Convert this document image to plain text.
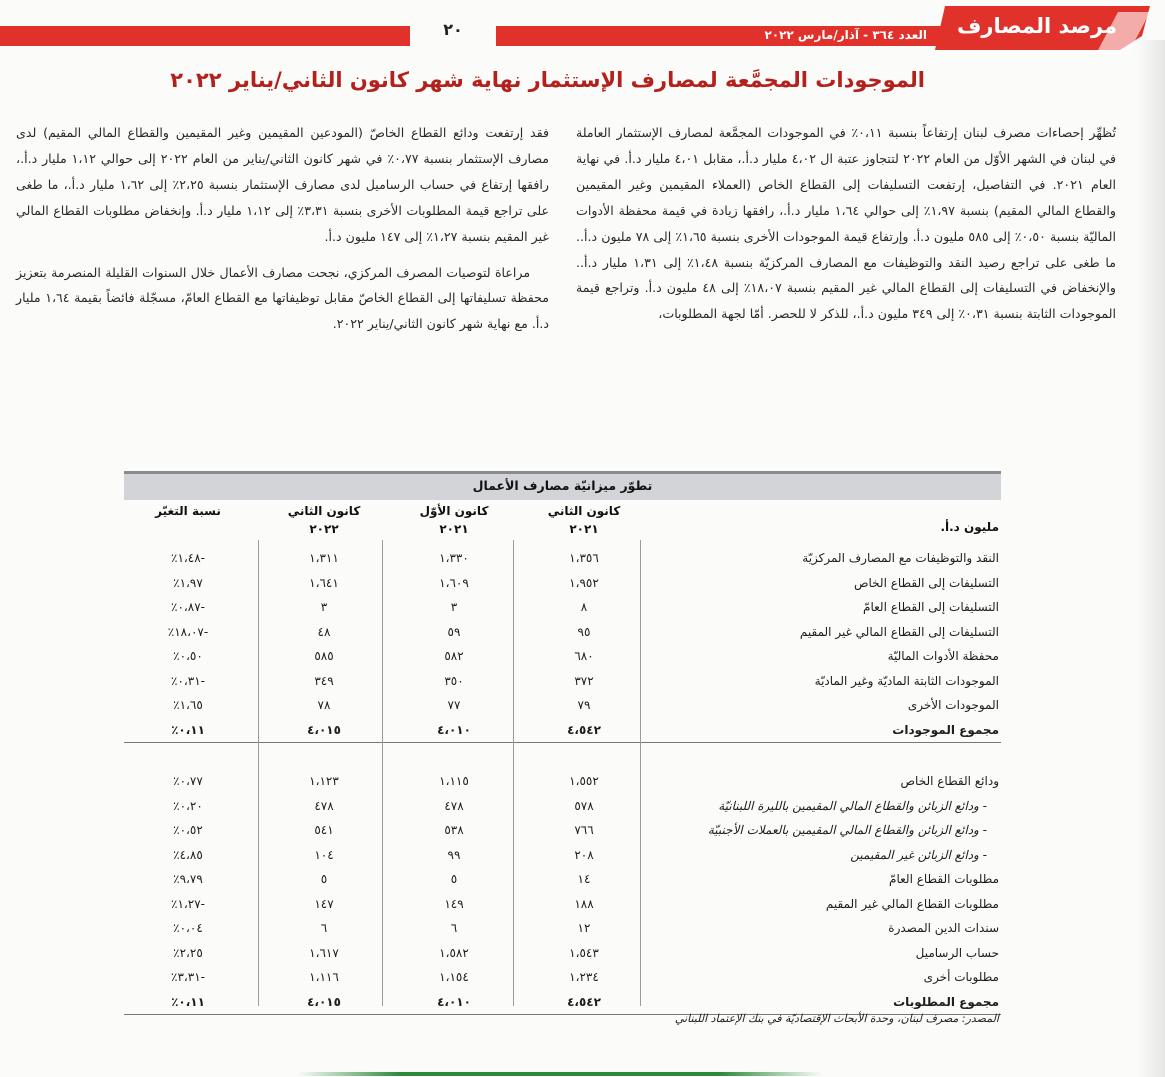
٢٠	العدد ٣٦٤ - آذار/مارس ٢٠٢٢ مرصد المصارف
الموجودات المجمَّعة لمصارف الإستثمار نهاية شهر كانون الثاني/يناير ٢٠٢٢

تُظهِّر إحصاءات مصرف لبنان إرتفاعاً بنسبة ٠،١١٪ في الموجودات المجمَّعة لمصارف الإستثمار العاملة في لبنان في الشهر الأوّل من العام ٢٠٢٢ لتتجاوز عتبة ال ٤،٠٢ مليار د.أ.، مقابل ٤،٠١ مليار د.أ. في نهاية العام ٢٠٢١. في التفاصيل، إرتفعت التسليفات إلى القطاع الخاص (العملاء المقيمين وغير المقيمين والقطاع المالي المقيم) بنسبة ١،٩٧٪ إلى حوالي ١،٦٤ مليار د.أ.، رافقها زيادة في قيمة محفظة الأدوات الماليّة بنسبة ٠،٥٠٪ إلى ٥٨٥ مليون د.أ. وإرتفاع قيمة الموجودات الأخرى بنسبة ١،٦٥٪ إلى ٧٨ مليون د.أ.. ما طغى على تراجع رصيد النقد والتوظيفات مع المصارف المركزيّة بنسبة ١،٤٨٪ إلى ١،٣١ مليار د.أ.. والإنخفاض في التسليفات إلى القطاع المالي غير المقيم بنسبة ١٨،٠٧٪ إلى ٤٨ مليون د.أ. وتراجع قيمة الموجودات الثابتة بنسبة ٠،٣١٪ إلى ٣٤٩ مليون د.أ.، للذكر لا للحصر. أمّا لجهة المطلوبات،

فقد إرتفعت ودائع القطاع الخاصّ (المودعين المقيمين وغير المقيمين والقطاع المالي المقيم) لدى مصارف الإستثمار بنسبة ٠،٧٧٪ في شهر كانون الثاني/يناير من العام ٢٠٢٢ إلى حوالي ١،١٢ مليار د.أ.، رافقها إرتفاع في حساب الرساميل لدى مصارف الإستثمار بنسبة ٢،٢٥٪ إلى ١،٦٢ مليار د.أ.، ما طغى على تراجع قيمة المطلوبات الأخرى بنسبة ٣،٣١٪ إلى ١،١٢ مليار د.أ. وإنخفاض مطلوبات القطاع المالي غير المقيم بنسبة ١،٢٧٪ إلى ١٤٧ مليون د.أ.

مراعاة لتوصيات المصرف المركزي، نجحت مصارف الأعمال خلال السنوات القليلة المنصرمة بتعزيز محفظة تسليفاتها إلى القطاع الخاصّ مقابل توظيفاتها مع القطاع العامّ، مسجّلة فائضاً بقيمة ١،٦٤ مليار د.أ. مع نهاية شهر كانون الثاني/يناير ٢٠٢٢.

تطوّر ميزانيّة مصارف الأعمال
مليون د.أ.
كانون الثاني
٢٠٢١
كانون الأوّل
٢٠٢١
كانون الثاني
٢٠٢٢
نسبة التغيّر
النقد والتوظيفات مع المصارف المركزيّة
١،٣٥٦
١،٣٣٠
١،٣١١
-١،٤٨٪
التسليفات إلى القطاع الخاص
١،٩٥٢
١،٦٠٩
١،٦٤١
١،٩٧٪
التسليفات إلى القطاع العامّ
٨
٣
٣
-٠،٨٧٪
التسليفات إلى القطاع المالي غير المقيم
٩٥
٥٩
٤٨
-١٨،٠٧٪
محفظة الأدوات الماليّة
٦٨٠
٥٨٢
٥٨٥
٠،٥٠٪
الموجودات الثابتة الماديّة وغير الماديّة
٣٧٢
٣٥٠
٣٤٩
-٠،٣١٪
الموجودات الأخرى
٧٩
٧٧
٧٨
١،٦٥٪
مجموع الموجودات
٤،٥٤٢
٤،٠١٠
٤،٠١٥
٠،١١٪
ودائع القطاع الخاص
١،٥٥٢
١،١١٥
١،١٢٣
٠،٧٧٪
- ودائع الزبائن والقطاع المالي المقيمين بالليرة اللبنانيّة
٥٧٨
٤٧٨
٤٧٨
٠،٢٠٪
- ودائع الزبائن والقطاع المالي المقيمين بالعملات الأجنبيّة
٧٦٦
٥٣٨
٥٤١
٠،٥٢٪
- ودائع الزبائن غير المقيمين
٢٠٨
٩٩
١٠٤
٤،٨٥٪
مطلوبات القطاع العامّ
١٤
٥
٥
٩،٧٩٪
مطلوبات القطاع المالي غير المقيم
١٨٨
١٤٩
١٤٧
-١،٢٧٪
سندات الدين المصدرة
١٢
٦
٦
٠،٠٤٪
حساب الرساميل
١،٥٤٣
١،٥٨٢
١،٦١٧
٢،٢٥٪
مطلوبات أخرى
١،٢٣٤
١،١٥٤
١،١١٦
-٣،٣١٪
مجموع المطلوبات
٤،٥٤٢
٤،٠١٠
٤،٠١٥
٠،١١٪
المصدر: مصرف لبنان، وحدة الأبحاث الإقتصاديّة في بنك الإعتماد اللبناني
